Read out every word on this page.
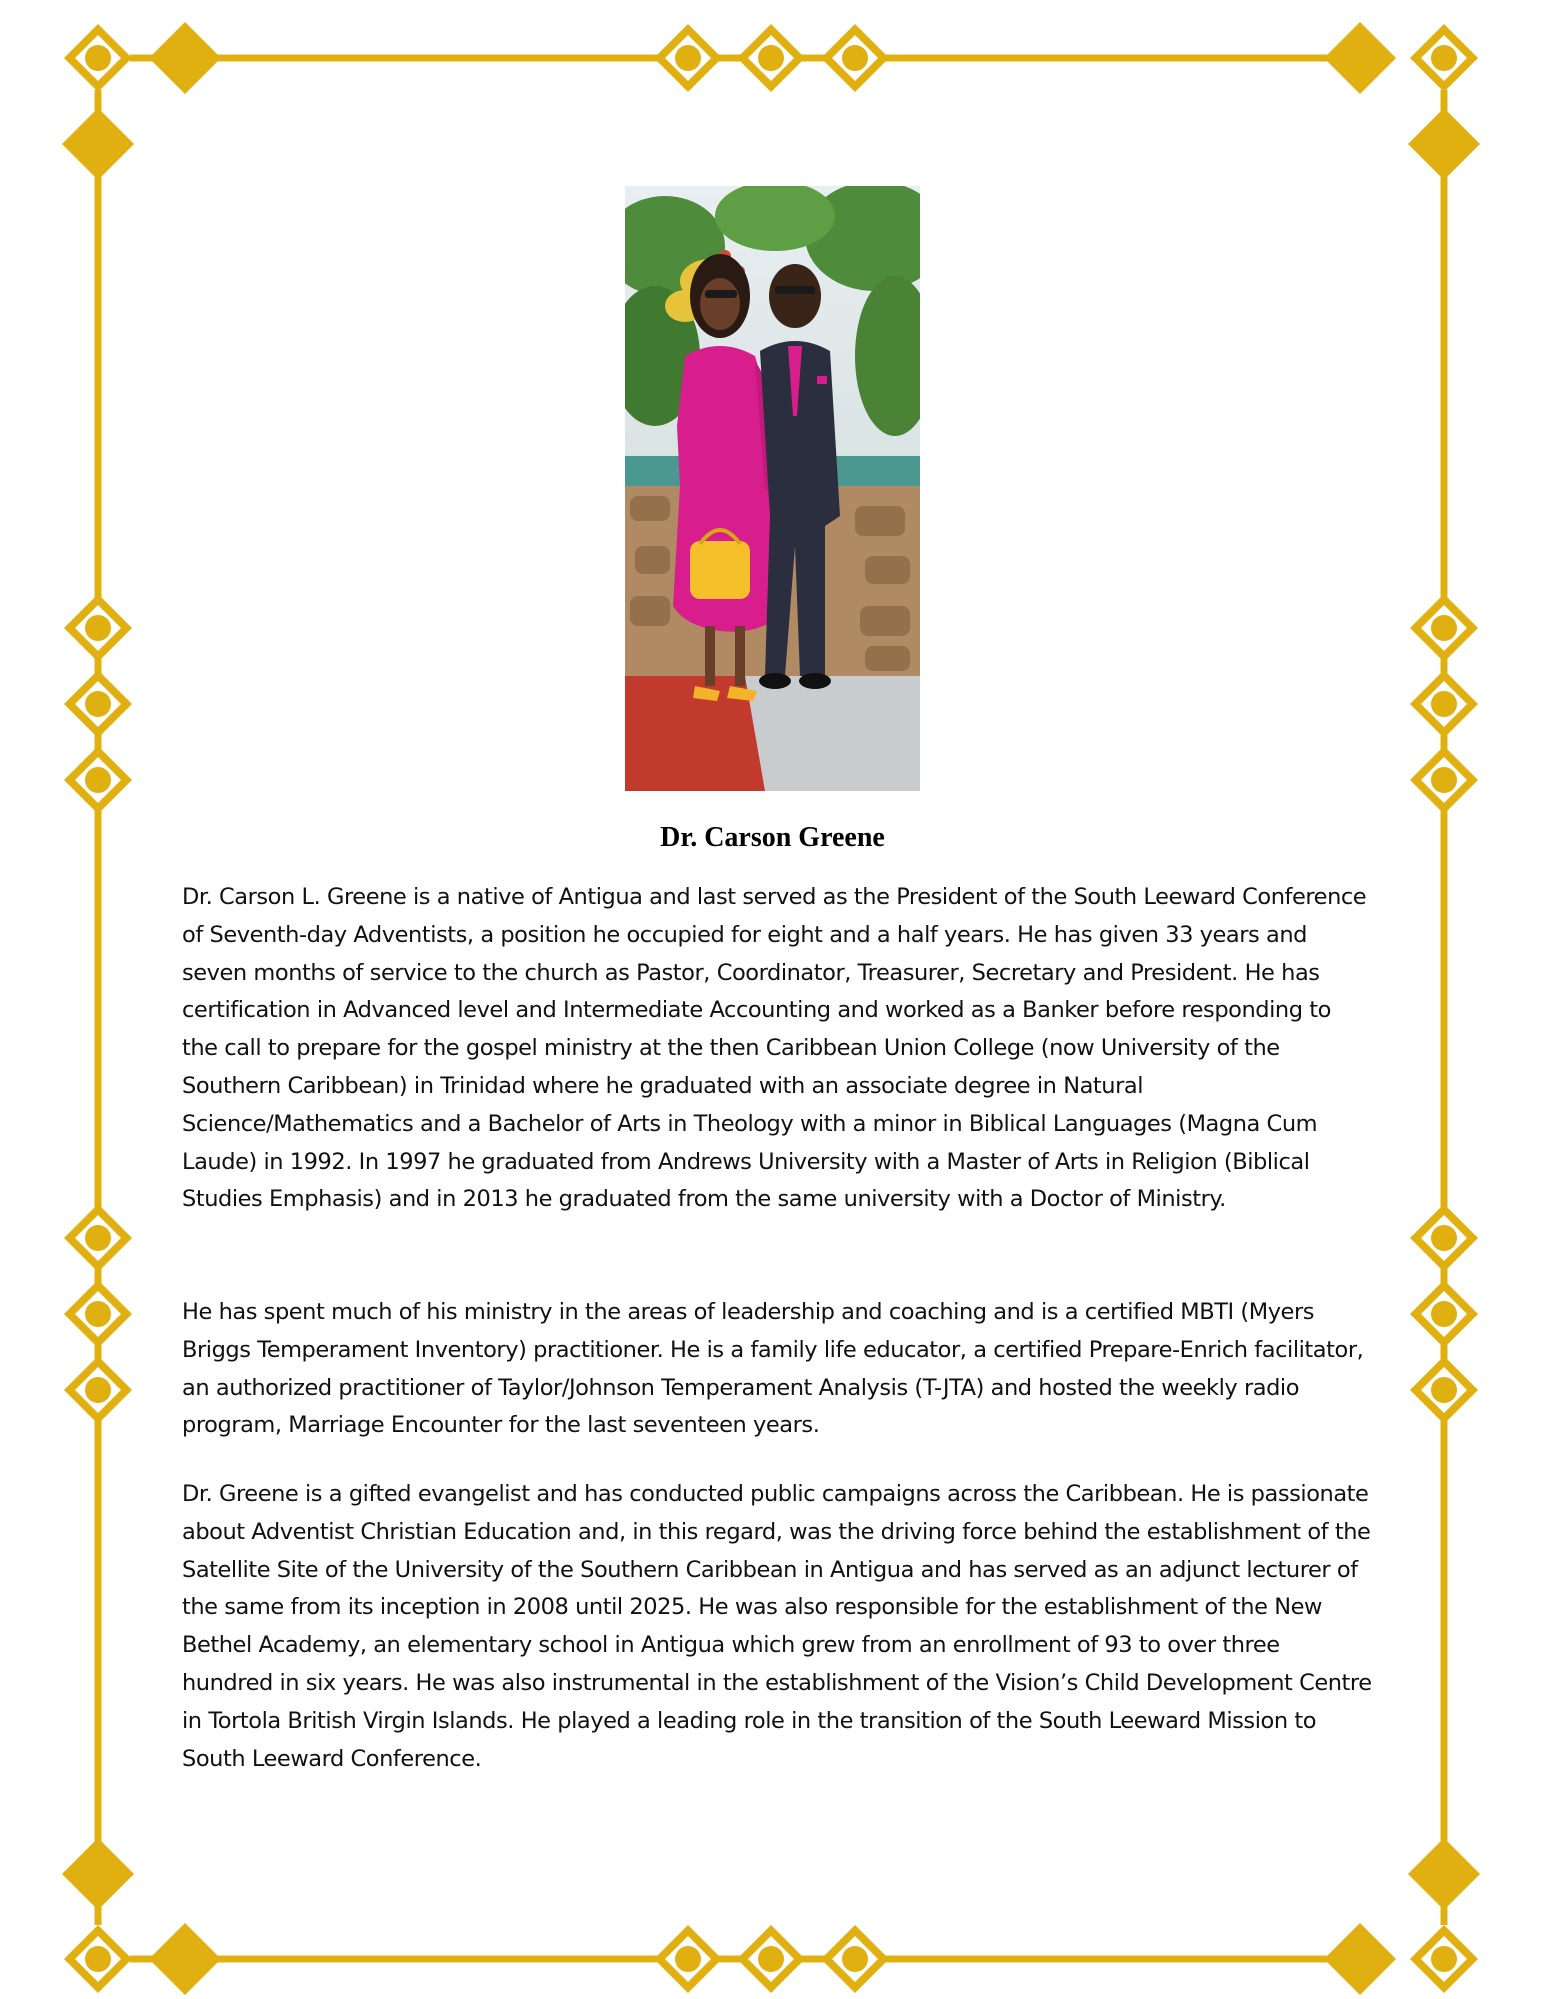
Dr. Carson Greene

Dr. Carson L. Greene is a native of Antigua and last served as the President of the South Leeward Conference of Seventh-day Adventists, a position he occupied for eight and a half years. He has given 33 years and seven months of service to the church as Pastor, Coordinator, Treasurer, Secretary and President. He has certification in Advanced level and Intermediate Accounting and worked as a Banker before responding to the call to prepare for the gospel ministry at the then Caribbean Union College (now University of the Southern Caribbean) in Trinidad where he graduated with an associate degree in Natural Science/Mathematics and a Bachelor of Arts in Theology with a minor in Biblical Languages (Magna Cum Laude) in 1992. In 1997 he graduated from Andrews University with a Master of Arts in Religion (Biblical Studies Emphasis) and in 2013 he graduated from the same university with a Doctor of Ministry.

He has spent much of his ministry in the areas of leadership and coaching and is a certified MBTI (Myers Briggs Temperament Inventory) practitioner. He is a family life educator, a certified Prepare-Enrich facilitator, an authorized practitioner of Taylor/Johnson Temperament Analysis (T-JTA) and hosted the weekly radio program, Marriage Encounter for the last seventeen years.

Dr. Greene is a gifted evangelist and has conducted public campaigns across the Caribbean. He is passionate about Adventist Christian Education and, in this regard, was the driving force behind the establishment of the Satellite Site of the University of the Southern Caribbean in Antigua and has served as an adjunct lecturer of the same from its inception in 2008 until 2025. He was also responsible for the establishment of the New Bethel Academy, an elementary school in Antigua which grew from an enrollment of 93 to over three hundred in six years. He was also instrumental in the establishment of the Vision’s Child Development Centre in Tortola British Virgin Islands. He played a leading role in the transition of the South Leeward Mission to South Leeward Conference.
